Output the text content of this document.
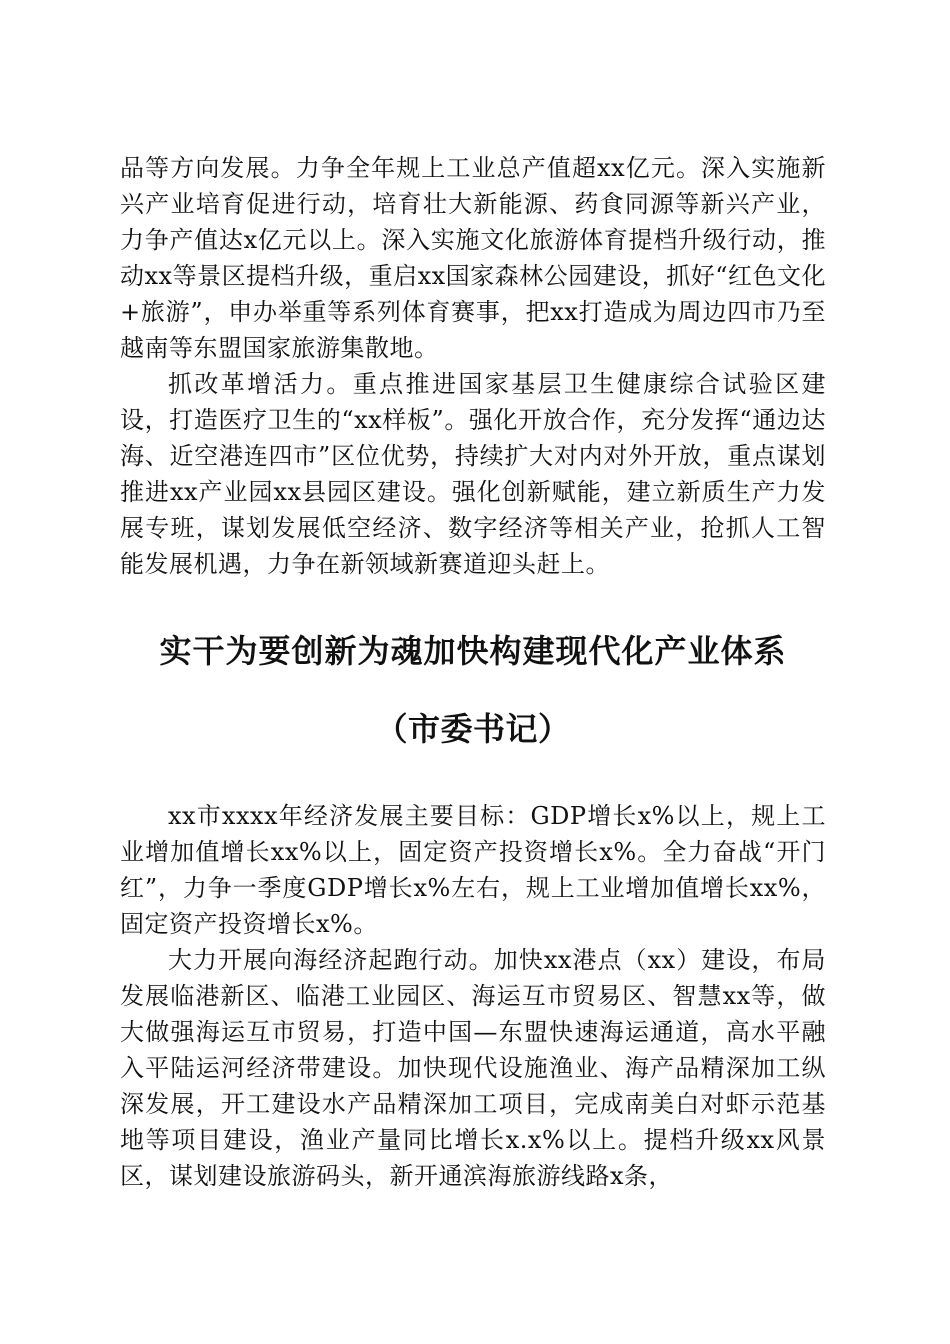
品等方向发展。力争全年规上工业总产值超xx亿元。深入实施新兴产业培育促进行动，培育壮大新能源、药食同源等新兴产业，力争产值达x亿元以上。深入实施文化旅游体育提档升级行动，推动xx等景区提档升级，重启xx国家森林公园建设，抓好“红色文化+旅游”，申办举重等系列体育赛事，把xx打造成为周边四市乃至越南等东盟国家旅游集散地。

抓改革增活力。重点推进国家基层卫生健康综合试验区建设，打造医疗卫生的“xx样板”。强化开放合作，充分发挥“通边达海、近空港连四市”区位优势，持续扩大对内对外开放，重点谋划推进xx产业园xx县园区建设。强化创新赋能，建立新质生产力发展专班，谋划发展低空经济、数字经济等相关产业，抢抓人工智能发展机遇，力争在新领域新赛道迎头赶上。

实干为要创新为魂加快构建现代化产业体系
（市委书记）

xx市xxxx年经济发展主要目标：GDP增长x%以上，规上工业增加值增长xx%以上，固定资产投资增长x%。全力奋战“开门红”，力争一季度GDP增长x%左右，规上工业增加值增长xx%，固定资产投资增长x%。

大力开展向海经济起跑行动。加快xx港点（xx）建设，布局发展临港新区、临港工业园区、海运互市贸易区、智慧xx等，做大做强海运互市贸易，打造中国—东盟快速海运通道，高水平融入平陆运河经济带建设。加快现代设施渔业、海产品精深加工纵深发展，开工建设水产品精深加工项目，完成南美白对虾示范基地等项目建设，渔业产量同比增长x.x%以上。提档升级xx风景区，谋划建设旅游码头，新开通滨海旅游线路x条，
